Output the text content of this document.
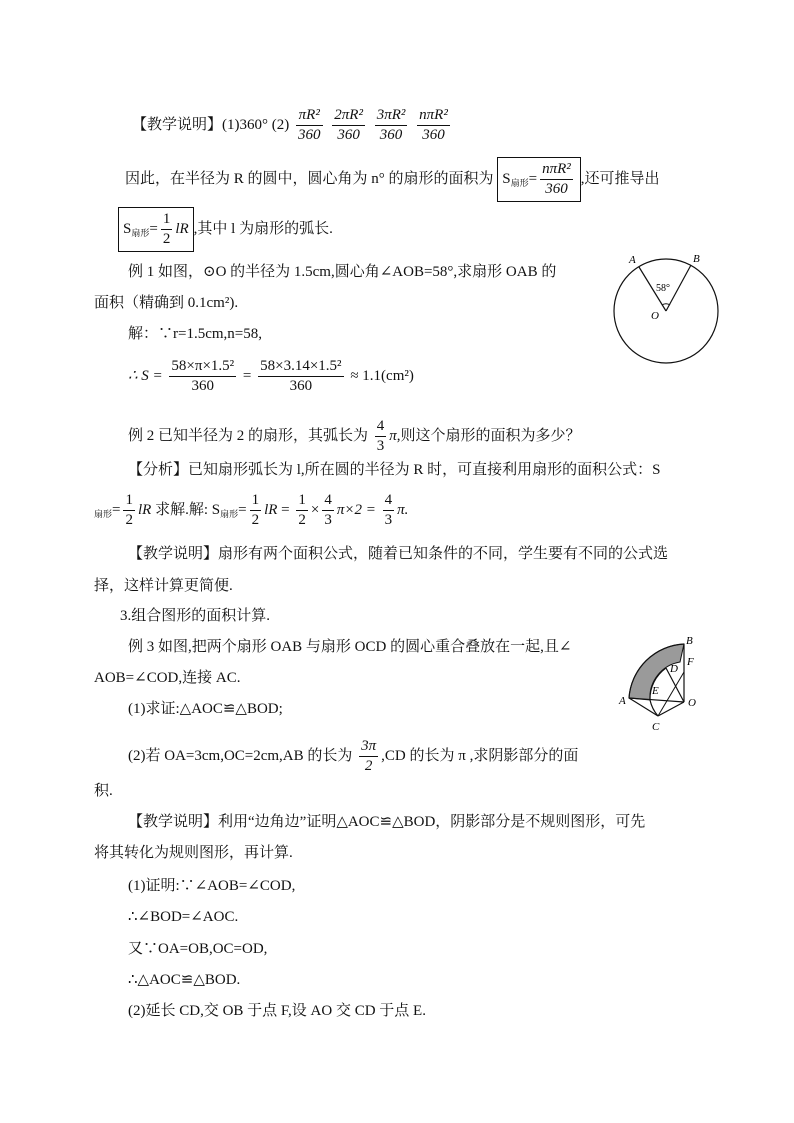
【教学说明】(1)360° $(2) \frac{\text{πR²}}{360}$
$\frac{\text{2πR²}}{360}$
$\frac{\text{3πR²}}{360}$
$\frac{\text{nπR²}}{360}$
因此，在半径为 R 的圆中，圆心角为 n° 的扇形的面积为 $S_{扇形}= \frac{\text{nπR²}}{360}$ ,还可推导出
$S_{扇形}= \frac{1}{2}$ lR ,其中 l 为扇形的弧长.
例 1 如图，⊙O 的半径为 1.5cm,圆心角∠AOB=58°,求扇形 OAB 的
面积（精确到 0.1cm²).
解：∵r=1.5cm,n=58,
∴ $S = \frac{\text{58×π×1.5²}}{360} = \frac{\text{58×3.14×1.5²}}{360} \approx 1.1(cm^2)$
A	B
O
58°
例 2 已知半径为 2 的扇形，其弧长为 $\frac{4}{3} \pi$,则这个扇形的面积为多少？
【分析】已知扇形弧长为 l,所在圆的半径为 R 时，可直接利用扇形的面积公式：S
$_{扇形}= \frac{1}{2}$ lR 求解.解: $S_{扇形}= \frac{1}{2}$ lR = $\frac{1}{2} \times \frac{4}{3} \pi\times 2 = \frac{4}{3} \pi$.
【教学说明】扇形有两个面积公式，随着已知条件的不同，学生要有不同的公式选
择，这样计算更简便.
3.组合图形的面积计算.
例 3 如图,把两个扇形 OAB 与扇形 OCD 的圆心重合叠放在一起,且∠
AOB=∠COD,连接 AC.
(1)求证:△AOC≌△BOD;
(2)若 OA=3cm,OC=2cm,AB 的长为 $\frac{3\pi}{2} ,CD$ 的长为 π ,求阴影部分的面
积.
B
F
D
E
A	O
C
【教学说明】利用“边角边”证明△AOC≌△BOD，阴影部分是不规则图形，可先
将其转化为规则图形，再计算.
(1)证明:∵∠AOB=∠COD,
∴∠BOD=∠AOC.
又∵OA=OB,OC=OD,
∴△AOC≌△BOD.
(2)延长 CD,交 OB 于点 F,设 AO 交 CD 于点 E.
